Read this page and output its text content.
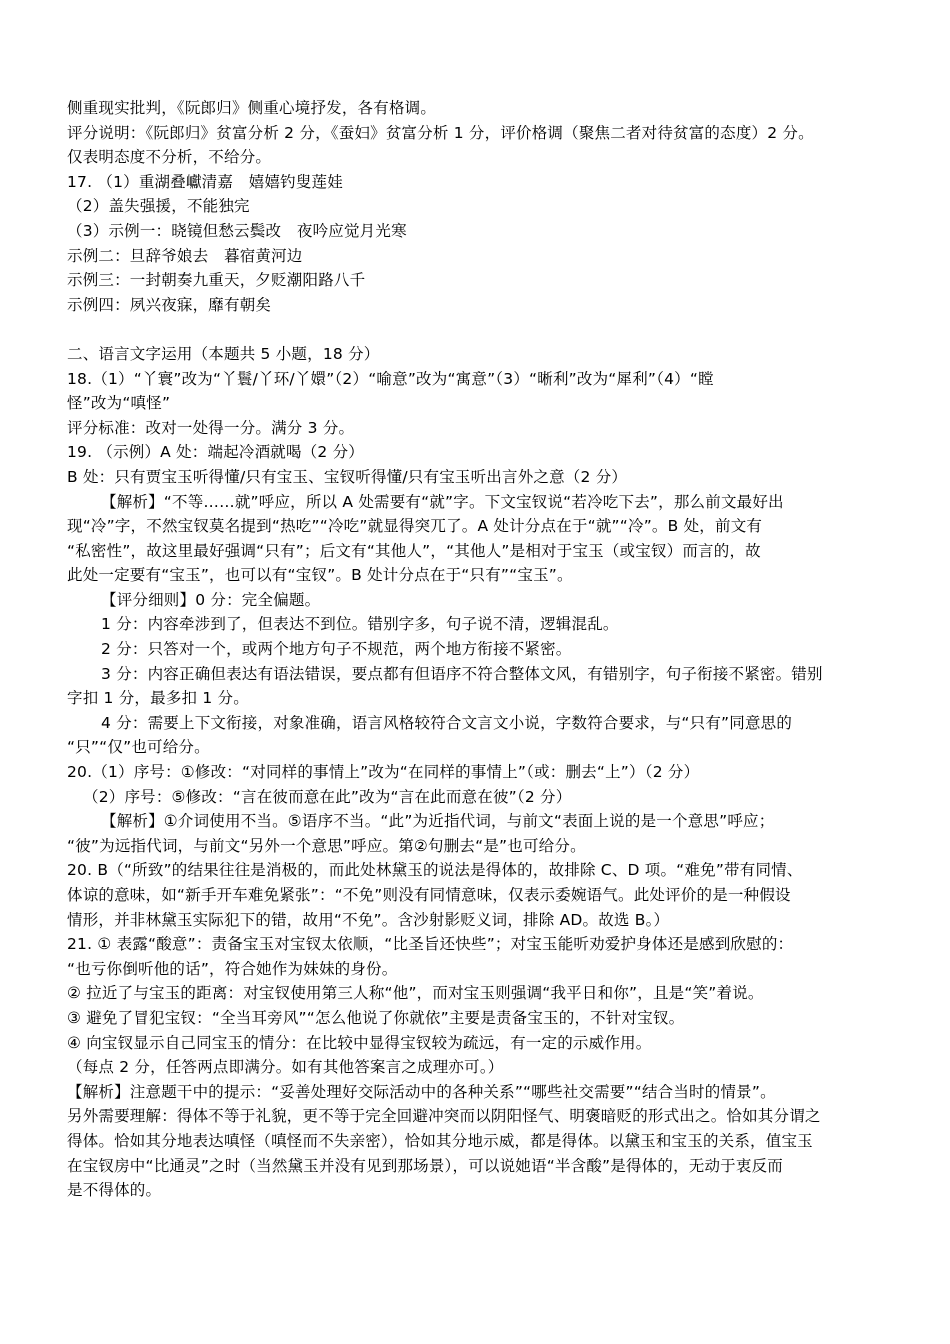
侧重现实批判，《阮郎归》侧重心境抒发，各有格调。
评分说明：《阮郎归》贫富分析 2 分，《蚕妇》贫富分析 1 分，评价格调（聚焦二者对待贫富的态度）2 分。
仅表明态度不分析，不给分。
17. （1）重湖叠巘清嘉　嬉嬉钓叟莲娃
（2）盖失强援，不能独完
（3）示例一：晓镜但愁云鬓改　夜吟应觉月光寒
示例二：旦辞爷娘去　暮宿黄河边
示例三：一封朝奏九重天，夕贬潮阳路八千
示例四：夙兴夜寐，靡有朝矣
二、语言文字运用（本题共 5 小题，18 分）
18.（1）“丫寰”改为“丫鬟/丫环/丫嬛”（2）“喻意”改为“寓意”（3）“晰利”改为“犀利”（4）“瞠
怪”改为“嗔怪”
评分标准：改对一处得一分。满分 3 分。
19. （示例）A 处：端起冷酒就喝（2 分）
B 处：只有贾宝玉听得懂/只有宝玉、宝钗听得懂/只有宝玉听出言外之意（2 分）
【解析】“不等……就”呼应，所以 A 处需要有“就”字。下文宝钗说“若冷吃下去”，那么前文最好出
现“冷”字，不然宝钗莫名提到“热吃”“冷吃”就显得突兀了。A 处计分点在于“就”“冷”。B 处，前文有
“私密性”，故这里最好强调“只有”；后文有“其他人”，“其他人”是相对于宝玉（或宝钗）而言的，故
此处一定要有“宝玉”，也可以有“宝钗”。B 处计分点在于“只有”“宝玉”。
【评分细则】0 分：完全偏题。
1 分：内容牵涉到了，但表达不到位。错别字多，句子说不清，逻辑混乱。
2 分：只答对一个，或两个地方句子不规范，两个地方衔接不紧密。
3 分：内容正确但表达有语法错误，要点都有但语序不符合整体文风，有错别字，句子衔接不紧密。错别
字扣 1 分，最多扣 1 分。
4 分：需要上下文衔接，对象准确，语言风格较符合文言文小说，字数符合要求，与“只有”同意思的
“只”“仅”也可给分。
20.（1）序号：①修改：“对同样的事情上”改为“在同样的事情上”（或：删去“上”）（2 分）
（2）序号：⑤修改：“言在彼而意在此”改为“言在此而意在彼”（2 分）
【解析】①介词使用不当。⑤语序不当。“此”为近指代词，与前文“表面上说的是一个意思”呼应；
“彼”为远指代词，与前文“另外一个意思”呼应。第②句删去“是”也可给分。
20. B（“所致”的结果往往是消极的，而此处林黛玉的说法是得体的，故排除 C、D 项。“难免”带有同情、
体谅的意味，如“新手开车难免紧张”：“不免”则没有同情意味，仅表示委婉语气。此处评价的是一种假设
情形，并非林黛玉实际犯下的错，故用“不免”。含沙射影贬义词，排除 AD。故选 B。）
21. ① 表露“酸意”：责备宝玉对宝钗太依顺，“比圣旨还快些”；对宝玉能听劝爱护身体还是感到欣慰的：
“也亏你倒听他的话”，符合她作为妹妹的身份。
② 拉近了与宝玉的距离：对宝钗使用第三人称“他”，而对宝玉则强调“我平日和你”，且是“笑”着说。
③ 避免了冒犯宝钗：“全当耳旁风”“怎么他说了你就依”主要是责备宝玉的，不针对宝钗。
④ 向宝钗显示自己同宝玉的情分：在比较中显得宝钗较为疏远，有一定的示威作用。
（每点 2 分，任答两点即满分。如有其他答案言之成理亦可。）
【解析】注意题干中的提示：“妥善处理好交际活动中的各种关系”“哪些社交需要”“结合当时的情景”。
另外需要理解：得体不等于礼貌，更不等于完全回避冲突而以阴阳怪气、明褒暗贬的形式出之。恰如其分谓之
得体。恰如其分地表达嗔怪（嗔怪而不失亲密），恰如其分地示威，都是得体。以黛玉和宝玉的关系，值宝玉
在宝钗房中“比通灵”之时（当然黛玉并没有见到那场景），可以说她语“半含酸”是得体的，无动于衷反而
是不得体的。
